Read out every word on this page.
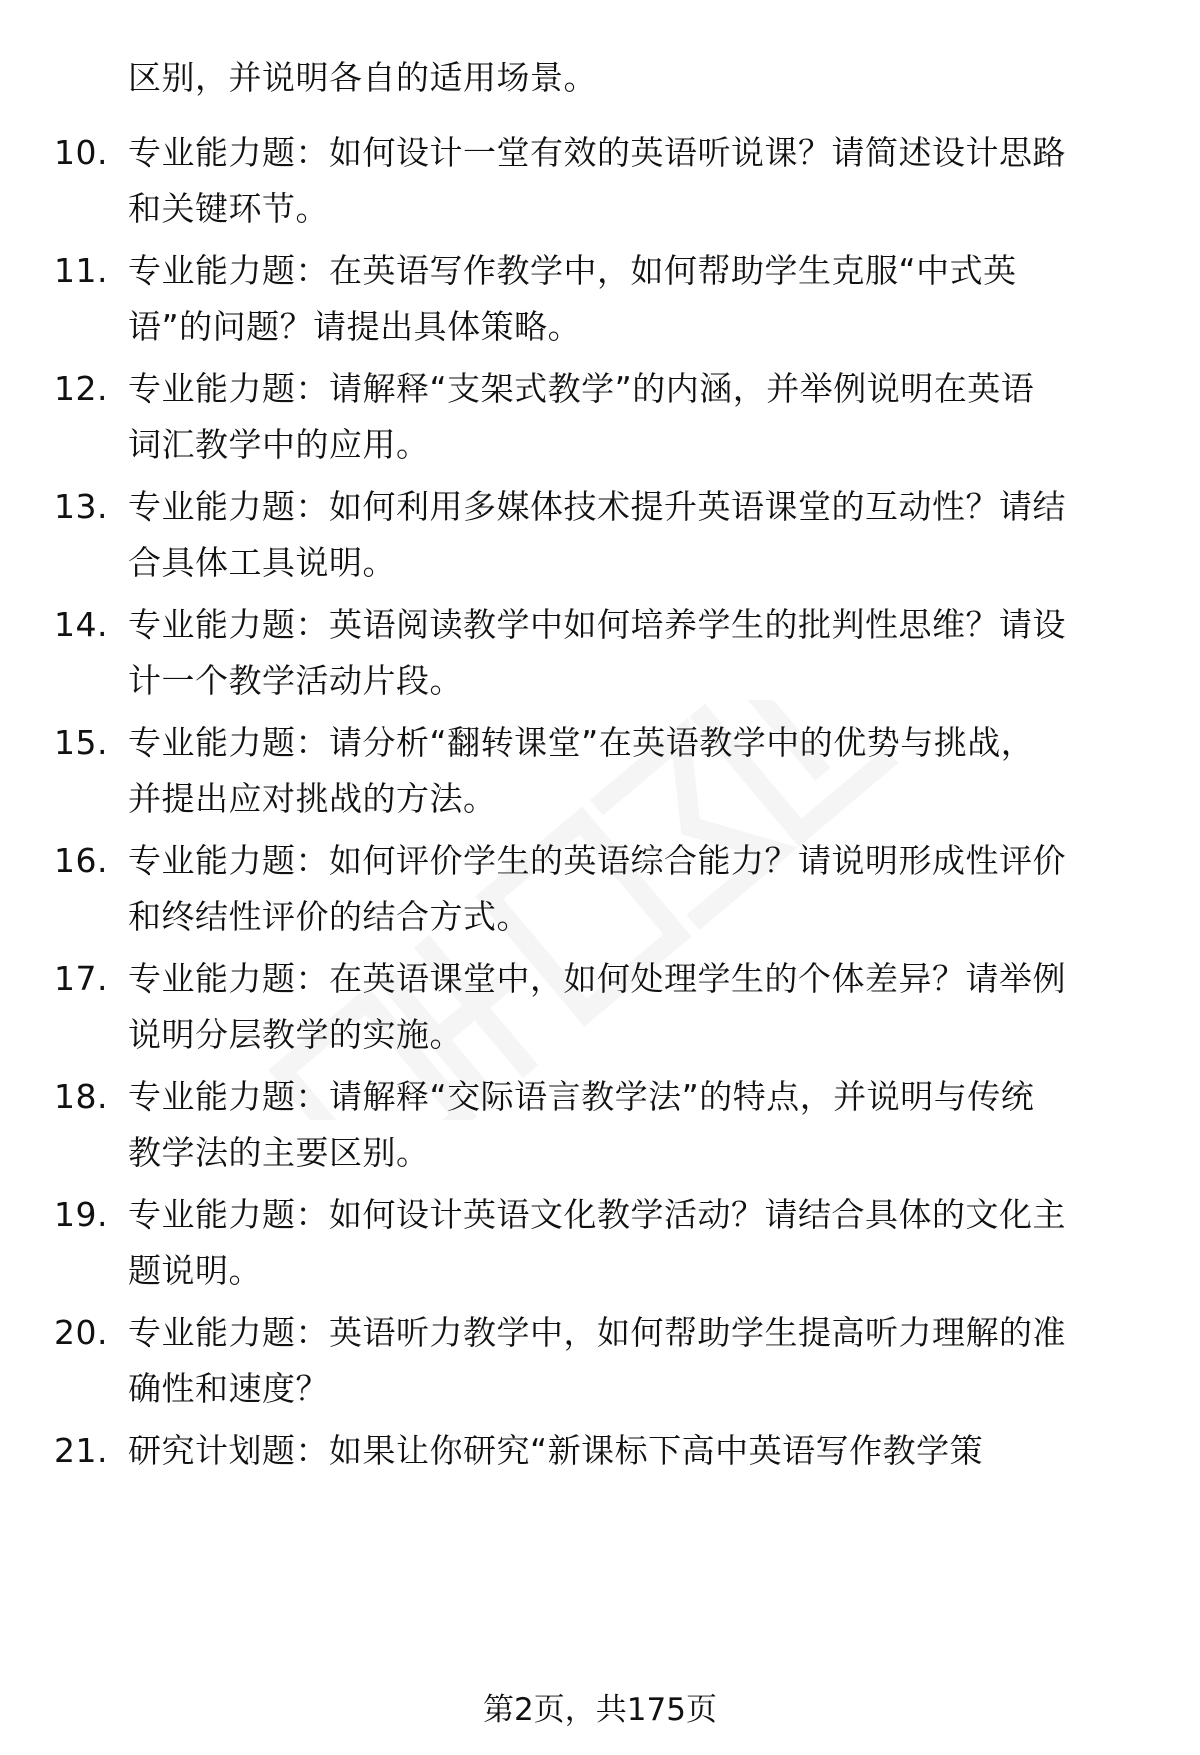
区别，并说明各自的适用场景。
10. 专业能力题：如何设计一堂有效的英语听说课？请简述设计思路
和关键环节。
11. 专业能力题：在英语写作教学中，如何帮助学生克服“中式英
语”的问题？请提出具体策略。
12. 专业能力题：请解释“支架式教学”的内涵，并举例说明在英语
词汇教学中的应用。
13. 专业能力题：如何利用多媒体技术提升英语课堂的互动性？请结
合具体工具说明。
14. 专业能力题：英语阅读教学中如何培养学生的批判性思维？请设
计一个教学活动片段。
15. 专业能力题：请分析“翻转课堂”在英语教学中的优势与挑战，
并提出应对挑战的方法。
16. 专业能力题：如何评价学生的英语综合能力？请说明形成性评价
和终结性评价的结合方式。
17. 专业能力题：在英语课堂中，如何处理学生的个体差异？请举例
说明分层教学的实施。
18. 专业能力题：请解释“交际语言教学法”的特点，并说明与传统
教学法的主要区别。
19. 专业能力题：如何设计英语文化教学活动？请结合具体的文化主
题说明。
20. 专业能力题：英语听力教学中，如何帮助学生提高听力理解的准
确性和速度？
21. 研究计划题：如果让你研究“新课标下高中英语写作教学策
第2页，共175页
